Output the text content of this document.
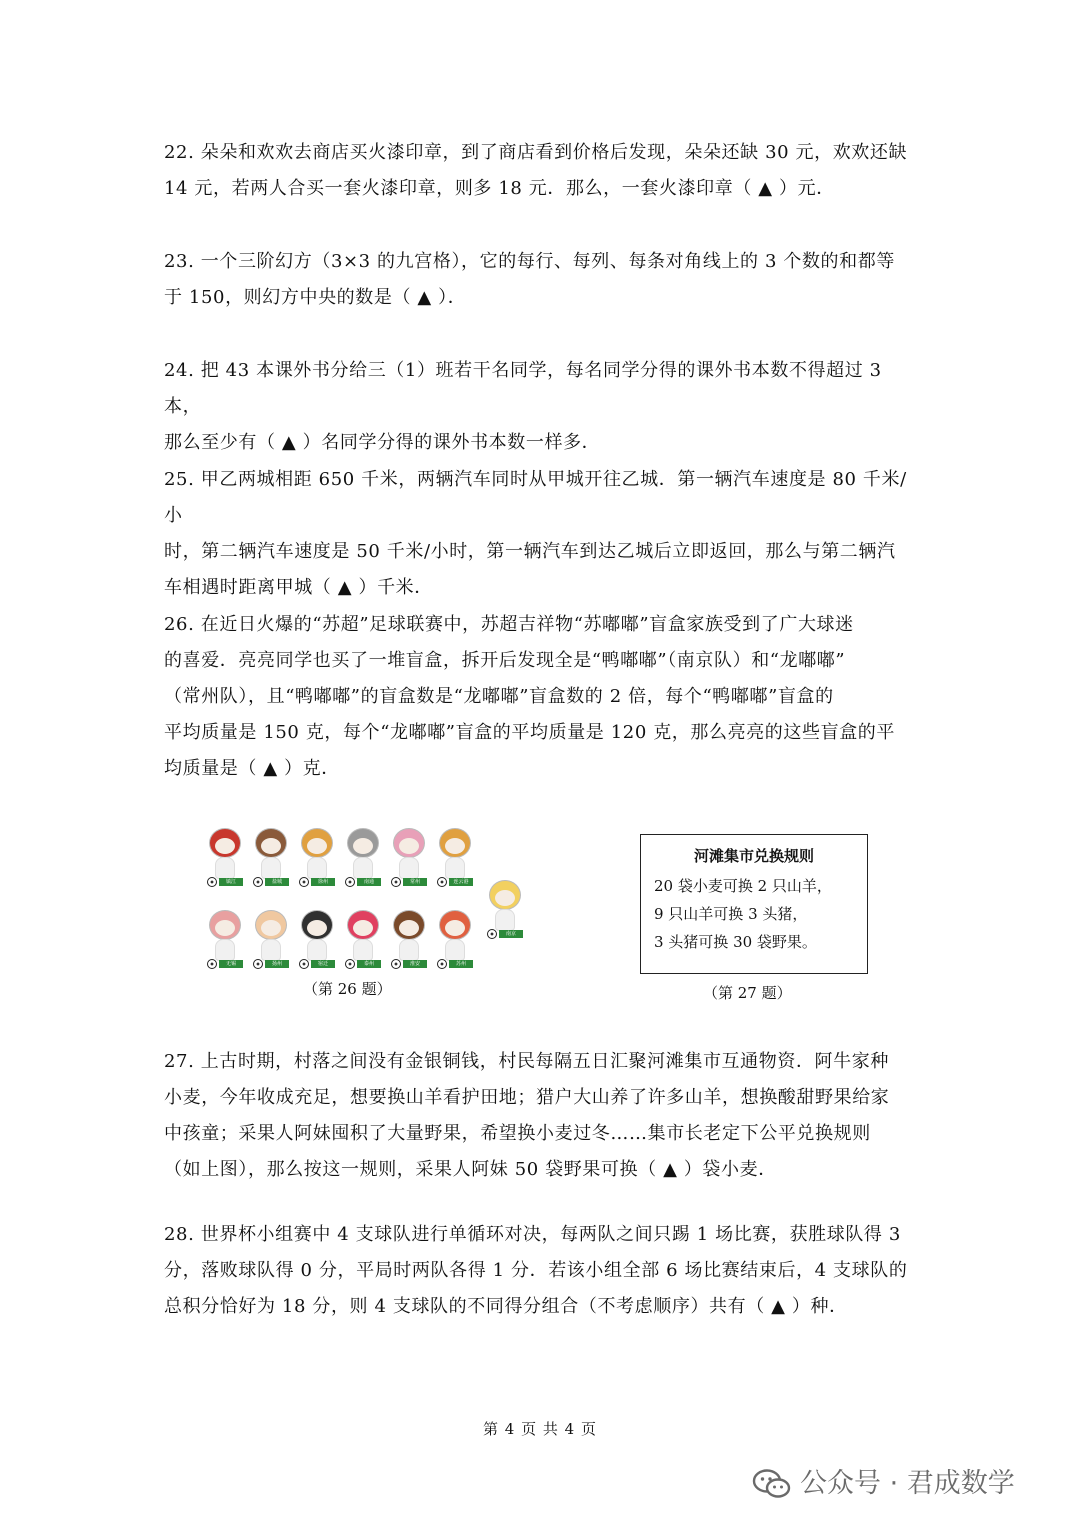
22. 朵朵和欢欢去商店买火漆印章，到了商店看到价格后发现，朵朵还缺 30 元，欢欢还缺

14 元，若两人合买一套火漆印章，则多 18 元．那么，一套火漆印章（ ▲ ）元．

23. 一个三阶幻方（3×3 的九宫格），它的每行、每列、每条对角线上的 3 个数的和都等

于 150，则幻方中央的数是（ ▲ ）．

24. 把 43 本课外书分给三（1）班若干名同学，每名同学分得的课外书本数不得超过 3 本，

那么至少有（ ▲ ）名同学分得的课外书本数一样多．

25. 甲乙两城相距 650 千米，两辆汽车同时从甲城开往乙城．第一辆汽车速度是 80 千米/小

时，第二辆汽车速度是 50 千米/小时，第一辆汽车到达乙城后立即返回，那么与第二辆汽

车相遇时距离甲城（ ▲ ）千米．

26. 在近日火爆的“苏超”足球联赛中，苏超吉祥物“苏嘟嘟”盲盒家族受到了广大球迷

的喜爱．亮亮同学也买了一堆盲盒，拆开后发现全是“鸭嘟嘟”（南京队）和“龙嘟嘟”

（常州队），且“鸭嘟嘟”的盲盒数是“龙嘟嘟”盲盒数的 2 倍，每个“鸭嘟嘟”盲盒的

平均质量是 150 克，每个“龙嘟嘟”盲盒的平均质量是 120 克，那么亮亮的这些盲盒的平

均质量是（ ▲ ）克．

镇江	盐城	徐州	南通	常州	连云港
无锡	扬州	宿迁	泰州	淮安	苏州
南京
（第 26 题）
河滩集市兑换规则
20 袋小麦可换 2 只山羊，
9 只山羊可换 3 头猪，
3 头猪可换 30 袋野果。
（第 27 题）

27. 上古时期，村落之间没有金银铜钱，村民每隔五日汇聚河滩集市互通物资．阿牛家种

小麦，今年收成充足，想要换山羊看护田地；猎户大山养了许多山羊，想换酸甜野果给家

中孩童；采果人阿妹囤积了大量野果，希望换小麦过冬……集市长老定下公平兑换规则

（如上图），那么按这一规则，采果人阿妹 50 袋野果可换（ ▲ ）袋小麦．

28. 世界杯小组赛中 4 支球队进行单循环对决，每两队之间只踢 1 场比赛，获胜球队得 3

分，落败球队得 0 分，平局时两队各得 1 分．若该小组全部 6 场比赛结束后，4 支球队的

总积分恰好为 18 分，则 4 支球队的不同得分组合（不考虑顺序）共有（ ▲ ）种．

第 4 页 共 4 页
公众号 · 君成数学
